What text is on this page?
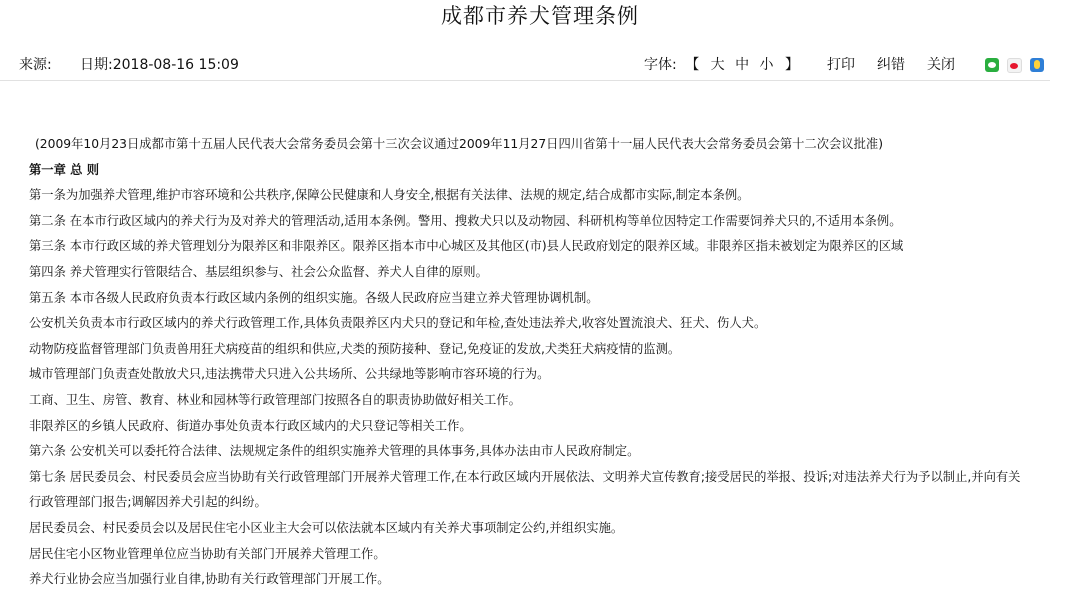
成都市养犬管理条例
来源: 日期:2018-08-16 15:09	字体: 【 大 中 小 】 打印 纠错 关闭

(2009年10月23日成都市第十五届人民代表大会常务委员会第十三次会议通过2009年11月27日四川省第十一届人民代表大会常务委员会第十二次会议批准)

第一章 总 则

第一条为加强养犬管理,维护市容环境和公共秩序,保障公民健康和人身安全,根据有关法律、法规的规定,结合成都市实际,制定本条例。

第二条 在本市行政区域内的养犬行为及对养犬的管理活动,适用本条例。警用、搜救犬只以及动物园、科研机构等单位因特定工作需要饲养犬只的,不适用本条例。

第三条 本市行政区域的养犬管理划分为限养区和非限养区。限养区指本市中心城区及其他区(市)县人民政府划定的限养区域。非限养区指未被划定为限养区的区域

第四条 养犬管理实行管限结合、基层组织参与、社会公众监督、养犬人自律的原则。

第五条 本市各级人民政府负责本行政区域内条例的组织实施。各级人民政府应当建立养犬管理协调机制。

公安机关负责本市行政区域内的养犬行政管理工作,具体负责限养区内犬只的登记和年检,查处违法养犬,收容处置流浪犬、狂犬、伤人犬。

动物防疫监督管理部门负责兽用狂犬病疫苗的组织和供应,犬类的预防接种、登记,免疫证的发放,犬类狂犬病疫情的监测。

城市管理部门负责查处散放犬只,违法携带犬只进入公共场所、公共绿地等影响市容环境的行为。

工商、卫生、房管、教育、林业和园林等行政管理部门按照各自的职责协助做好相关工作。

非限养区的乡镇人民政府、街道办事处负责本行政区域内的犬只登记等相关工作。

第六条 公安机关可以委托符合法律、法规规定条件的组织实施养犬管理的具体事务,具体办法由市人民政府制定。

第七条 居民委员会、村民委员会应当协助有关行政管理部门开展养犬管理工作,在本行政区域内开展依法、文明养犬宣传教育;接受居民的举报、投诉;对违法养犬行为予以制止,并向有关行政管理部门报告;调解因养犬引起的纠纷。

居民委员会、村民委员会以及居民住宅小区业主大会可以依法就本区域内有关养犬事项制定公约,并组织实施。

居民住宅小区物业管理单位应当协助有关部门开展养犬管理工作。

养犬行业协会应当加强行业自律,协助有关行政管理部门开展工作。
